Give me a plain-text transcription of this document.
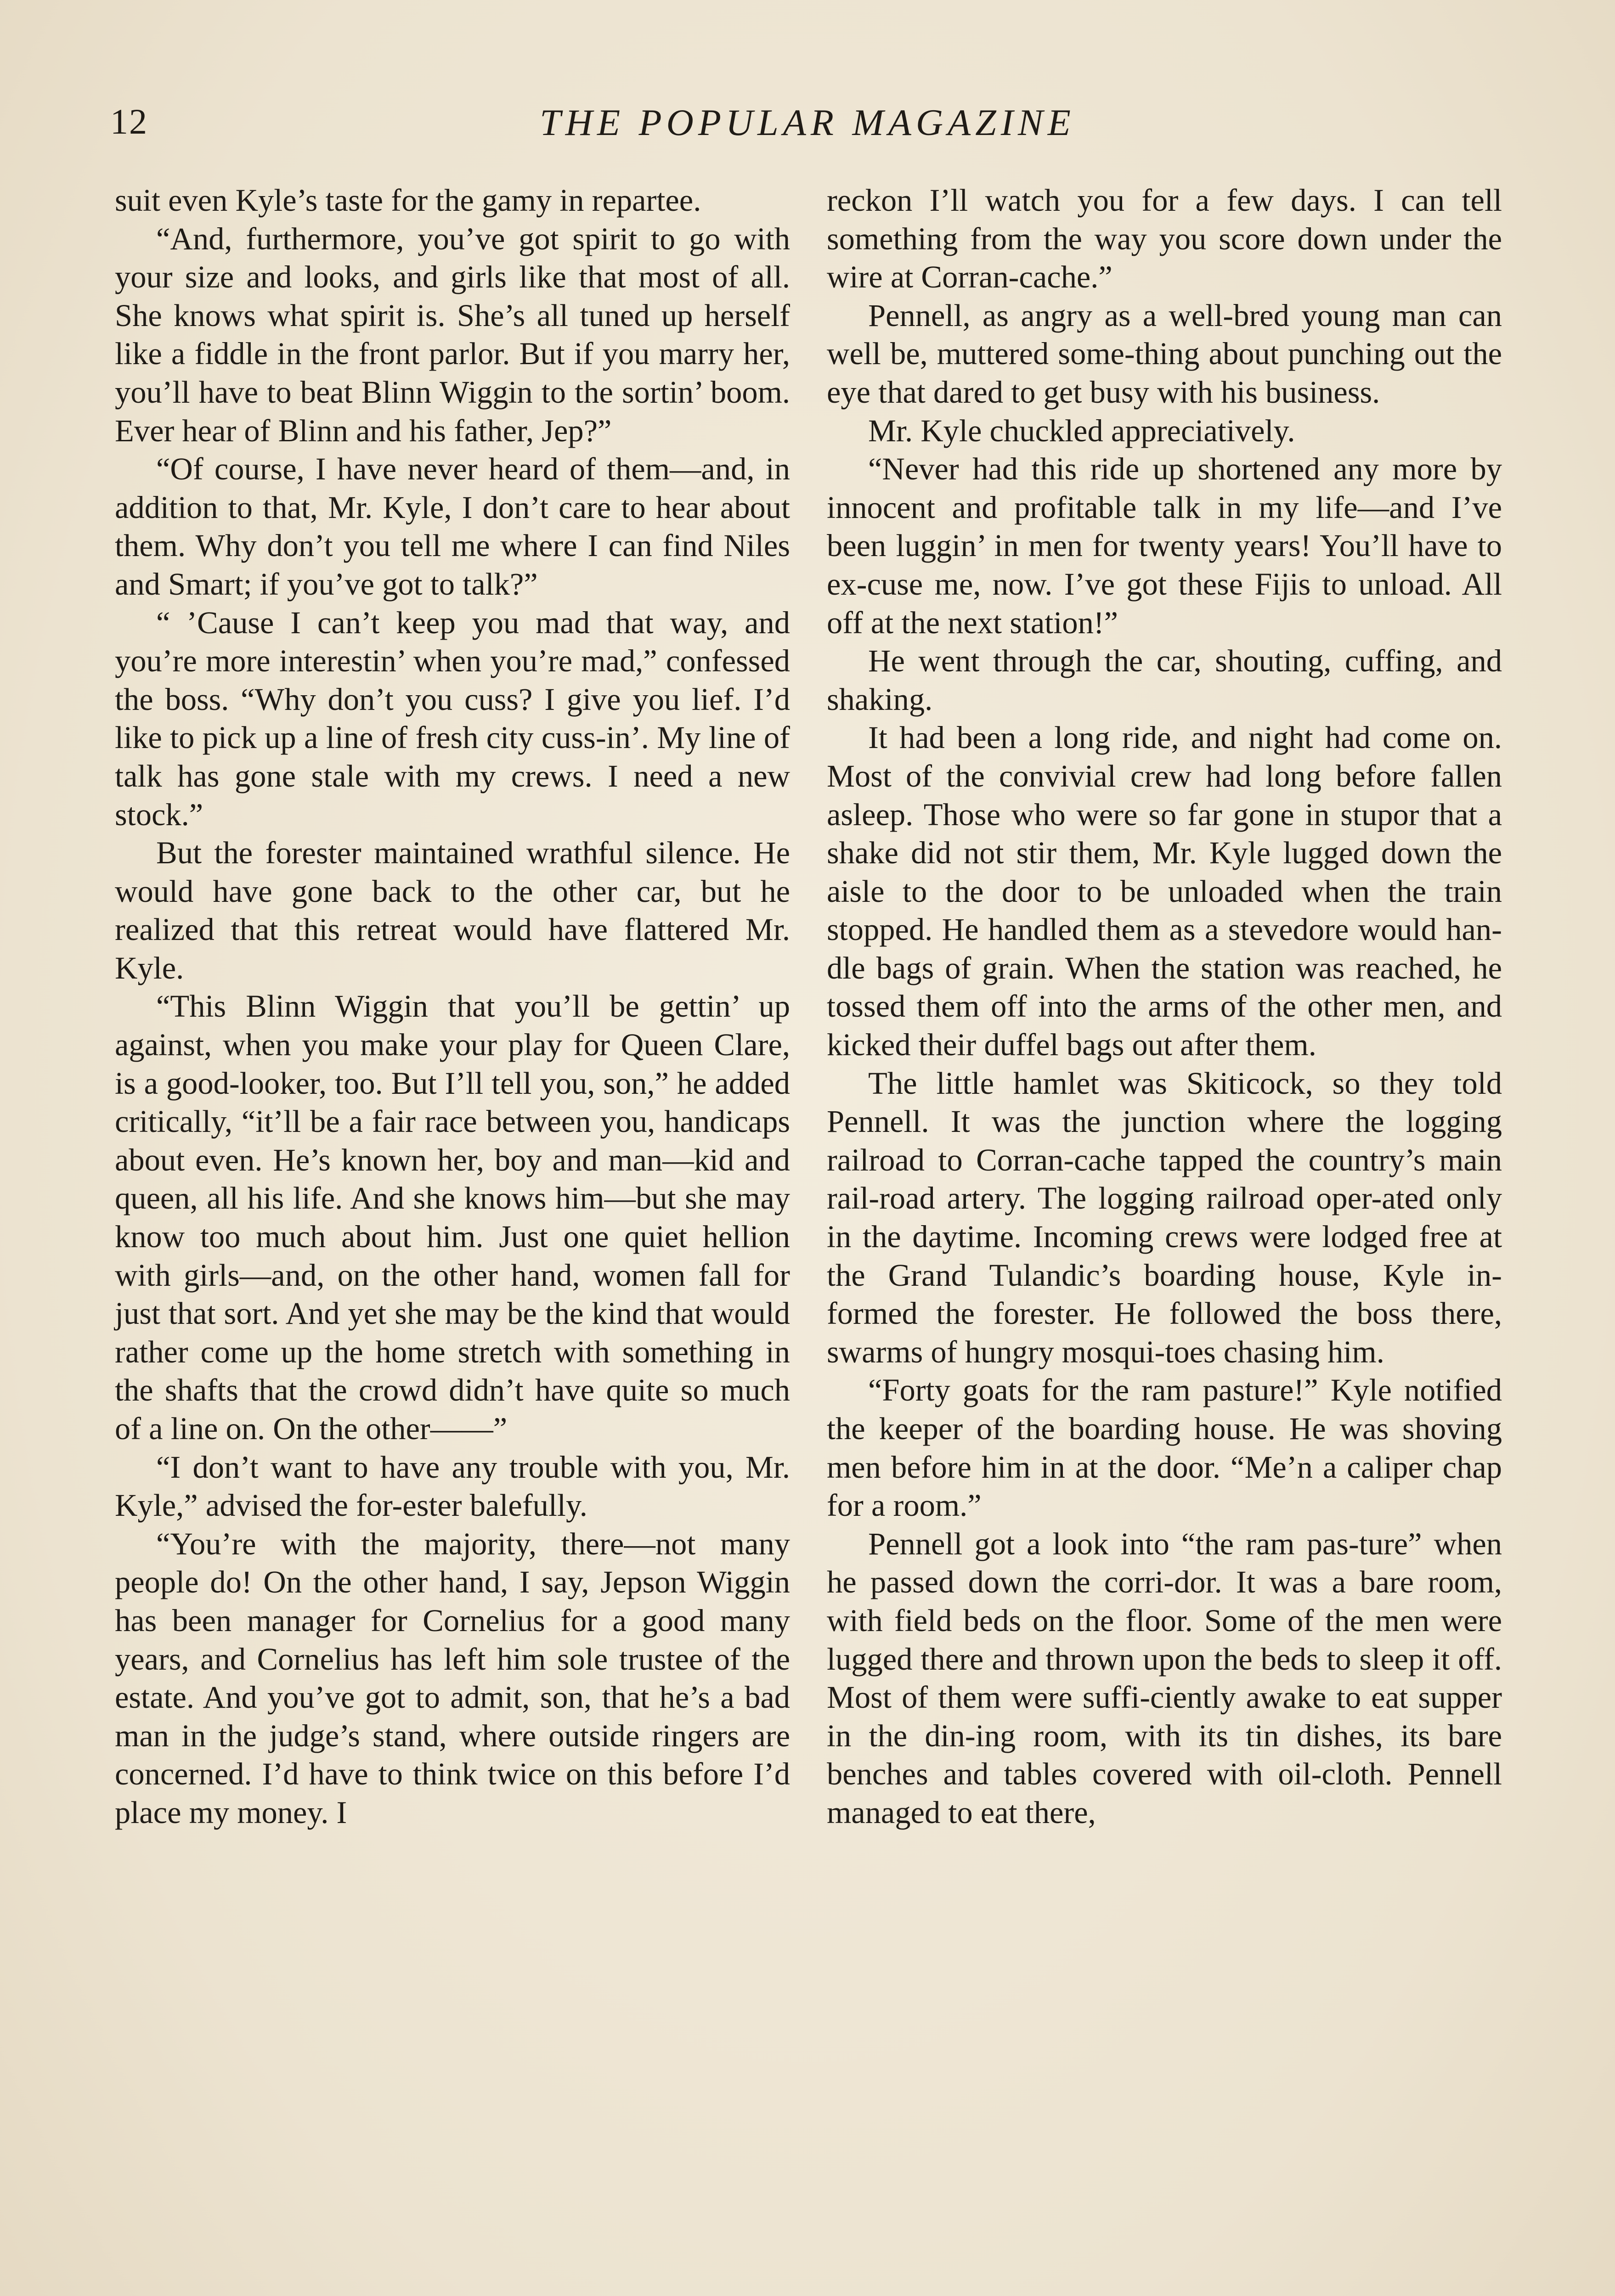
12	THE POPULAR MAGAZINE

suit even Kyle’s taste for the gamy in repartee.

“And, furthermore, you’ve got spirit to go with your size and looks, and girls like that most of all. She knows what spirit is. She’s all tuned up herself like a fiddle in the front parlor. But if you marry her, you’ll have to beat Blinn Wiggin to the sortin’ boom. Ever hear of Blinn and his father, Jep?”

“Of course, I have never heard of them—and, in addition to that, Mr. Kyle, I don’t care to hear about them. Why don’t you tell me where I can find Niles and Smart; if you’ve got to talk?”

“ ’Cause I can’t keep you mad that way, and you’re more interestin’ when you’re mad,” confessed the boss. “Why don’t you cuss? I give you lief. I’d like to pick up a line of fresh city cuss-in’. My line of talk has gone stale with my crews. I need a new stock.”

But the forester maintained wrathful silence. He would have gone back to the other car, but he realized that this retreat would have flattered Mr. Kyle.

“This Blinn Wiggin that you’ll be gettin’ up against, when you make your play for Queen Clare, is a good-looker, too. But I’ll tell you, son,” he added critically, “it’ll be a fair race between you, handicaps about even. He’s known her, boy and man—kid and queen, all his life. And she knows him—but she may know too much about him. Just one quiet hellion with girls—and, on the other hand, women fall for just that sort. And yet she may be the kind that would rather come up the home stretch with something in the shafts that the crowd didn’t have quite so much of a line on. On the other——”

“I don’t want to have any trouble with you, Mr. Kyle,” advised the for-ester balefully.

“You’re with the majority, there—not many people do! On the other hand, I say, Jepson Wiggin has been manager for Cornelius for a good many years, and Cornelius has left him sole trustee of the estate. And you’ve got to admit, son, that he’s a bad man in the judge’s stand, where outside ringers are concerned. I’d have to think twice on this before I’d place my money. I

reckon I’ll watch you for a few days. I can tell something from the way you score down under the wire at Corran-cache.”

Pennell, as angry as a well-bred young man can well be, muttered some-thing about punching out the eye that dared to get busy with his business.

Mr. Kyle chuckled appreciatively.

“Never had this ride up shortened any more by innocent and profitable talk in my life—and I’ve been luggin’ in men for twenty years! You’ll have to ex-cuse me, now. I’ve got these Fijis to unload. All off at the next station!”

He went through the car, shouting, cuffing, and shaking.

It had been a long ride, and night had come on. Most of the convivial crew had long before fallen asleep. Those who were so far gone in stupor that a shake did not stir them, Mr. Kyle lugged down the aisle to the door to be unloaded when the train stopped. He handled them as a stevedore would han-dle bags of grain. When the station was reached, he tossed them off into the arms of the other men, and kicked their duffel bags out after them.

The little hamlet was Skiticock, so they told Pennell. It was the junction where the logging railroad to Corran-cache tapped the country’s main rail-road artery. The logging railroad oper-ated only in the daytime. Incoming crews were lodged free at the Grand Tulandic’s boarding house, Kyle in-formed the forester. He followed the boss there, swarms of hungry mosqui-toes chasing him.

“Forty goats for the ram pasture!” Kyle notified the keeper of the boarding house. He was shoving men before him in at the door. “Me’n a caliper chap for a room.”

Pennell got a look into “the ram pas-ture” when he passed down the corri-dor. It was a bare room, with field beds on the floor. Some of the men were lugged there and thrown upon the beds to sleep it off. Most of them were suffi-ciently awake to eat supper in the din-ing room, with its tin dishes, its bare benches and tables covered with oil-cloth. Pennell managed to eat there,
